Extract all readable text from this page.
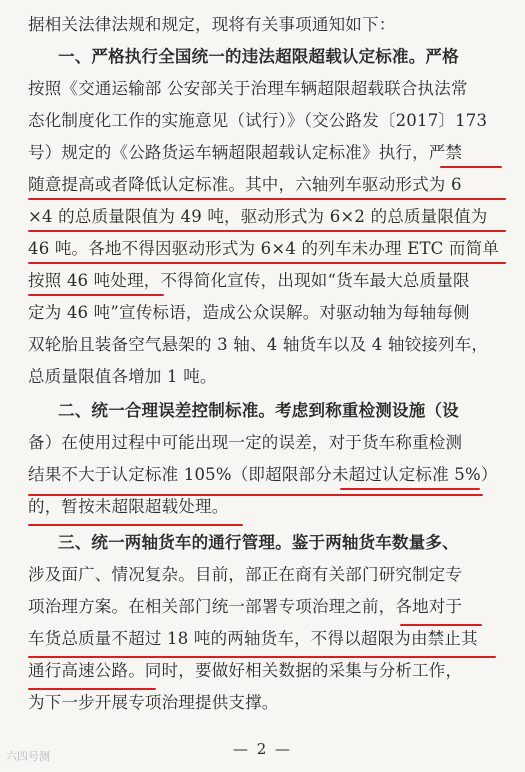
据相关法律法规和规定，现将有关事项通知如下：
一、严格执行全国统一的违法超限超载认定标准。严格
按照《交通运输部 公安部关于治理车辆超限超载联合执法常
态化制度化工作的实施意见（试行）》（交公路发〔2017〕173
号）规定的《公路货运车辆超限超载认定标准》执行，严禁
随意提高或者降低认定标准。其中，六轴列车驱动形式为 6
×4 的总质量限值为 49 吨，驱动形式为 6×2 的总质量限值为
46 吨。各地不得因驱动形式为 6×4 的列车未办理 ETC 而简单
按照 46 吨处理，不得简化宣传，出现如“货车最大总质量限
定为 46 吨”宣传标语，造成公众误解。对驱动轴为每轴每侧
双轮胎且装备空气悬架的 3 轴、4 轴货车以及 4 轴铰接列车，
总质量限值各增加 1 吨。
二、统一合理误差控制标准。考虑到称重检测设施（设
备）在使用过程中可能出现一定的误差，对于货车称重检测
结果不大于认定标准 105%（即超限部分未超过认定标准 5%）
的，暂按未超限超载处理。
三、统一两轴货车的通行管理。鉴于两轴货车数量多、
涉及面广、情况复杂。目前，部正在商有关部门研究制定专
项治理方案。在相关部门统一部署专项治理之前，各地对于
车货总质量不超过 18 吨的两轴货车，不得以超限为由禁止其
通行高速公路。同时，要做好相关数据的采集与分析工作，
为下一步开展专项治理提供支撑。
— 2 —
六四号测
